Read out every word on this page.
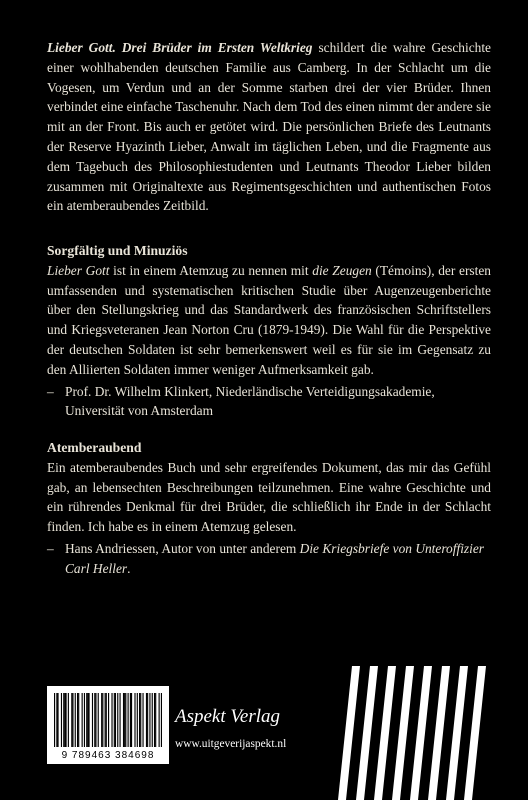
Lieber Gott. Drei Brüder im Ersten Weltkrieg schildert die wahre Geschichte einer wohlhabenden deutschen Familie aus Camberg. In der Schlacht um die Vogesen, um Verdun und an der Somme starben drei der vier Brüder. Ihnen verbindet eine einfache Taschenuhr. Nach dem Tod des einen nimmt der andere sie mit an der Front. Bis auch er getötet wird. Die persönlichen Briefe des Leutnants der Reserve Hyazinth Lieber, Anwalt im täglichen Leben, und die Fragmente aus dem Tagebuch des Philosophiestudenten und Leutnants Theodor Lieber bilden zusammen mit Originaltexte aus Regimentsgeschichten und authentischen Fotos ein atemberaubendes Zeitbild.
Sorgfältig und Minuziös

Lieber Gott ist in einem Atemzug zu nennen mit die Zeugen (Témoins), der ersten umfassenden und systematischen kritischen Studie über Augenzeugenberichte über den Stellungskrieg und das Standardwerk des französischen Schriftstellers und Kriegsveteranen Jean Norton Cru (1879-1949). Die Wahl für die Perspektive der deutschen Soldaten ist sehr bemerkenswert weil es für sie im Gegensatz zu den Alliierten Soldaten immer weniger Aufmerksamkeit gab.

– Prof. Dr. Wilhelm Klinkert, Niederländische Verteidigungsakademie, Universität von Amsterdam

Atemberaubend

Ein atemberaubendes Buch und sehr ergreifendes Dokument, das mir das Gefühl gab, an lebensechten Beschreibungen teilzunehmen. Eine wahre Geschichte und ein rührendes Denkmal für drei Brüder, die schließlich ihr Ende in der Schlacht finden. Ich habe es in einem Atemzug gelesen.

– Hans Andriessen, Autor von unter anderem Die Kriegsbriefe von Unteroffizier Carl Heller.

9 789463 384698
Aspekt Verlag
www.uitgeverijaspekt.nl
